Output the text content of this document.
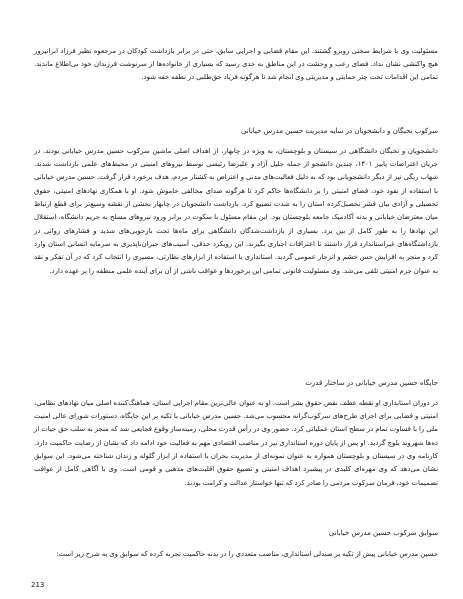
مسئولیت وی با شرایط سختی روبرو گشتند. این مقام قضایی و اجرایی سابق، حتی در برابر بازداشت کودکان در مرجعوه نظیر فرزاد ابرانپرور هیچ واکنشی نشان نداد. فضای رعب و وحشت در این مناطق به حدی رسید که بسیاری از خانواده‌ها از سرنوشت فرزندان خود بی‌اطلاع ماندند. تمامی این اقدامات تحت چتر حمایتی و مدیریتی وی انجام شد تا هرگونه فریاد حق‌طلبی در نطفه خفه شود.

سرکوب نخبگان و دانشجویان در سایه مدیریت حسین مدرس خیابانی

دانشجویان و نخبگان دانشگاهی در سیستان و بلوچستان، به ویژه در چابهار، از اهداف اصلی ماشین سرکوب حسین مدرس خیابانی بودند. در جریان اعتراضات پاییز ۱۴۰۱، چندین دانشجو از جمله جلیل آزاد و علیرضا رئیسی توسط نیروهای امنیتی در محیط‌های علمی بازداشت شدند. شهاب ریگی نیز از دیگر دانشجویانی بود که به دلیل فعالیت‌های مدنی و اعتراض به کشتار مردم، هدف برخورد قرار گرفت. حسین مدرس خیابانی با استفاده از نفوذ خود، فضای امنیتی را بر دانشگاه‌ها حاکم کرد تا هرگونه صدای مخالفی خاموش شود. او با همکاری نهادهای امنیتی، حقوق تحصیلی و آزادی بیان قشر تحصیل‌کرده استان را به شدت تضییع کرد. بازداشت دانشجویان در چابهار بخشی از نقشه وسیع‌تر برای قطع ارتباط میان معترضان خیابانی و بدنه آکادمیک جامعه بلوچستان بود. این مقام مسئول با سکوت در برابر ورود نیروهای مسلح به حریم دانشگاه، استقلال این نهادها را به طور کامل از بین برد. بسیاری از بازداشت‌شدگان دانشگاهی برای ماه‌ها تحت بازجویی‌های شدید و فشارهای روانی در بازداشتگاه‌های غیراستاندارد قرار داشتند تا اعترافات اجباری بگیرند. این رویکرد حذفی، آسیب‌های جبران‌ناپذیری به سرمایه انسانی استان وارد کرد و منجر به افزایش حس خشم و انزجار عمومی گردید. استانداری با استفاده از ابزارهای نظارتی، مسیری را انتخاب کرد که در آن تفکر و نقد به عنوان جرم امنیتی تلقی می‌شد. وی مسئولیت قانونی تمامی این برخوردها و عواقب ناشی از آن برای آینده علمی منطقه را بر عهده دارد.

جایگاه حسین مدرس خیابانی در ساختار قدرت

در دوران استانداری او نقطه عطف نقض حقوق بشر است. او به عنوان عالی‌ترین مقام اجرایی استان، هماهنگ‌کننده اصلی میان نهادهای نظامی، امنیتی و قضایی برای اجرای طرح‌های سرکوب‌گرانه محسوب می‌شد. حسین مدرس خیابانی با تکیه بر این جایگاه، دستورات شورای عالی امنیت ملی را با قساوت تمام در سطح استان عملیاتی کرد. حضور وی در رأس قدرت محلی، زمینه‌ساز وقوع فجایعی شد که منجر به سلب حق حیات از ده‌ها شهروند بلوچ گردید. او پس از پایان دوره استانداری نیز در مناصب اقتصادی مهم به فعالیت خود ادامه داد که نشان از رضایت حاکمیت دارد. کارنامه وی در سیستان و بلوچستان همواره به عنوان نمونه‌ای از مدیریت بحران با استفاده از ابزار گلوله و زندان شناخته می‌شود. این سوابق نشان می‌دهد که وی مهره‌ای کلیدی در پیشبرد اهداف امنیتی و تضییع حقوق اقلیت‌های مذهبی و قومی است. وی با آگاهی کامل از عواقب تصمیمات خود، فرمان سرکوب مردمی را صادر کرد که تنها خواستار عدالت و کرامت بودند.

سوابق سرکوب حسین مدرس خیابانی

حسین مدرس خیابانی پیش از تکیه بر صندلی استانداری، مناصب متعددی را در بدنه حاکمیت تجربه کرده که سوابق وی به شرح زیر است:

213
